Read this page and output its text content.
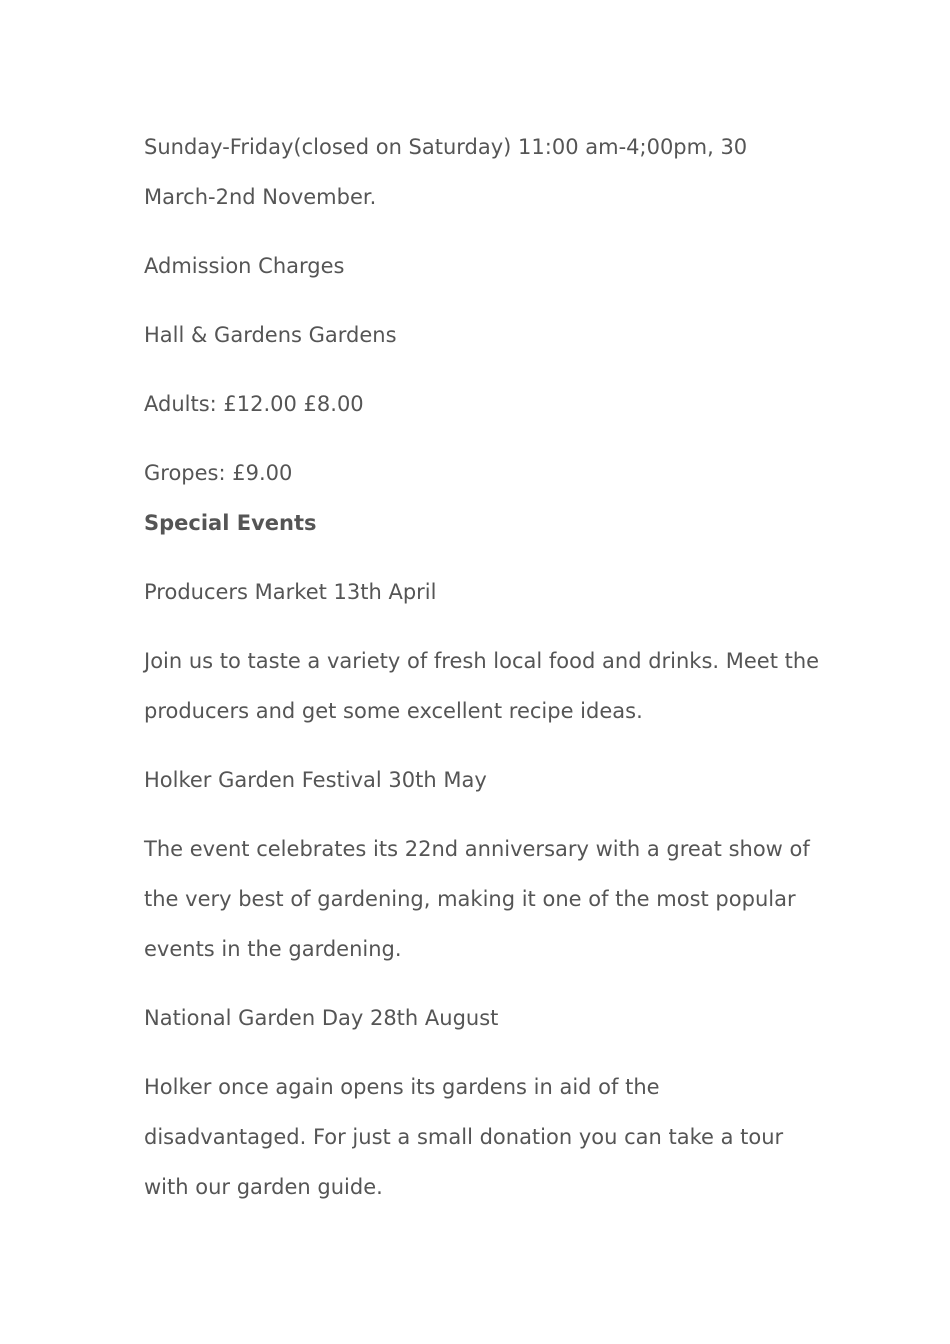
Sunday-Friday(closed on Saturday) 11:00 am-4;00pm, 30 March-2nd November.

Admission Charges

Hall & Gardens Gardens

Adults: £12.00 £8.00

Gropes: £9.00

Special Events

Producers Market 13th April

Join us to taste a variety of fresh local food and drinks. Meet the producers and get some excellent recipe ideas.

Holker Garden Festival 30th May

The event celebrates its 22nd anniversary with a great show of the very best of gardening, making it one of the most popular events in the gardening.

National Garden Day 28th August

Holker once again opens its gardens in aid of the disadvantaged. For just a small donation you can take a tour with our garden guide.
